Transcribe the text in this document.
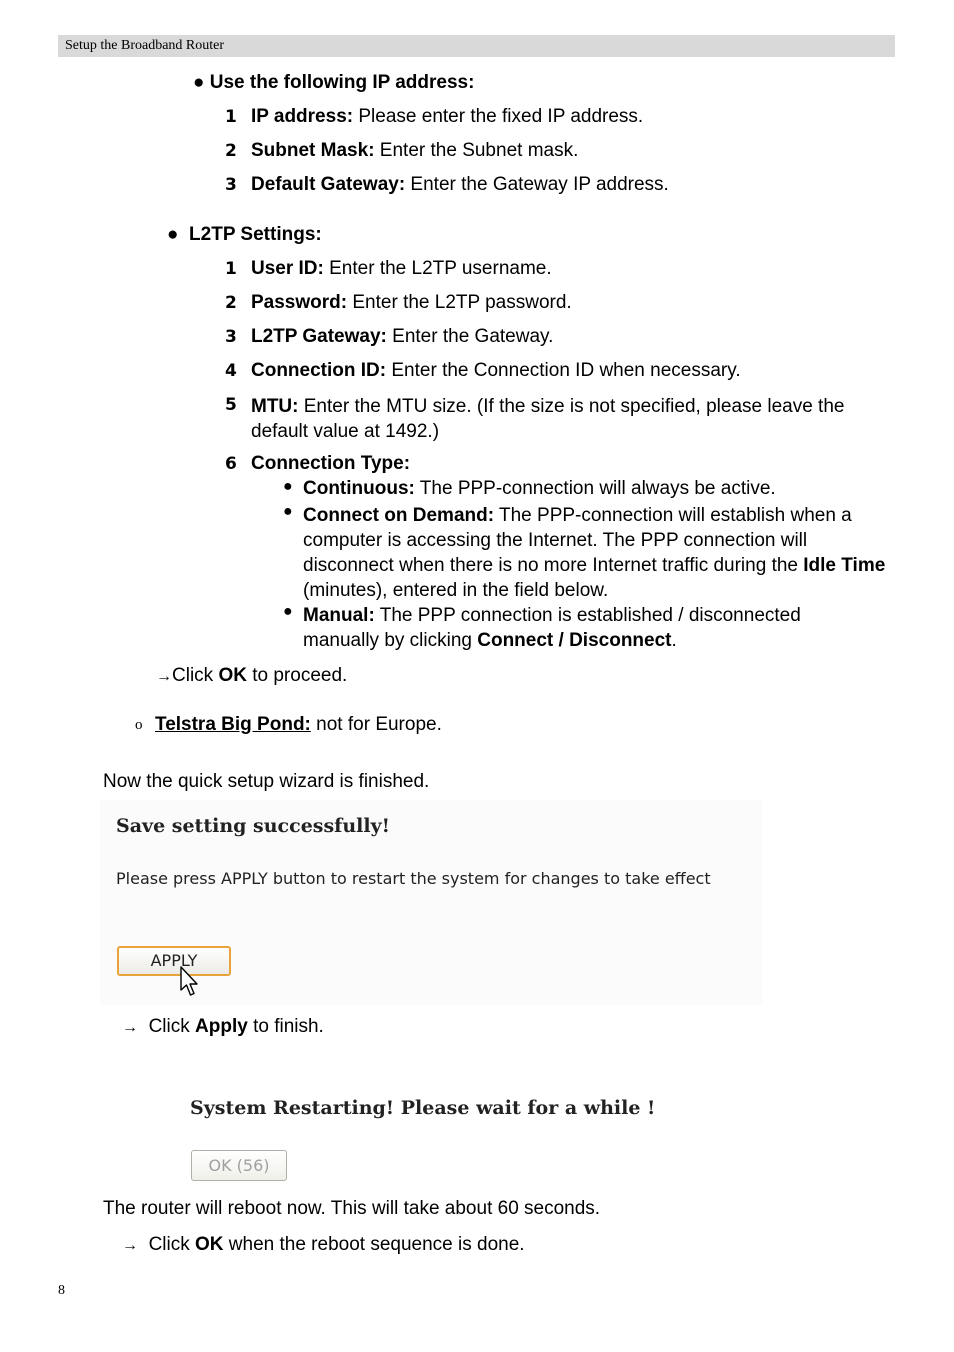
Setup the Broadband Router
● Use the following IP address:
1 IP address: Please enter the fixed IP address.
2 Subnet Mask: Enter the Subnet mask.
3 Default Gateway: Enter the Gateway IP address.
● L2TP Settings:
1 User ID: Enter the L2TP username.
2 Password: Enter the L2TP password.
3 L2TP Gateway: Enter the Gateway.
4 Connection ID: Enter the Connection ID when necessary.
5 MTU: Enter the MTU size. (If the size is not specified, please leave the default value at 1492.)
6 Connection Type:
● Continuous: The PPP-connection will always be active.
● Connect on Demand: The PPP-connection will establish when a computer is accessing the Internet. The PPP connection will disconnect when there is no more Internet traffic during the Idle Time (minutes), entered in the field below.
● Manual: The PPP connection is established / disconnected manually by clicking Connect / Disconnect.
→Click OK to proceed.
o Telstra Big Pond: not for Europe.
Now the quick setup wizard is finished.
Save setting successfully!
Please press APPLY button to restart the system for changes to take effect
APPLY
→ Click Apply to finish.
System Restarting! Please wait for a while !
OK (56)
The router will reboot now. This will take about 60 seconds.
→ Click OK when the reboot sequence is done.
8
